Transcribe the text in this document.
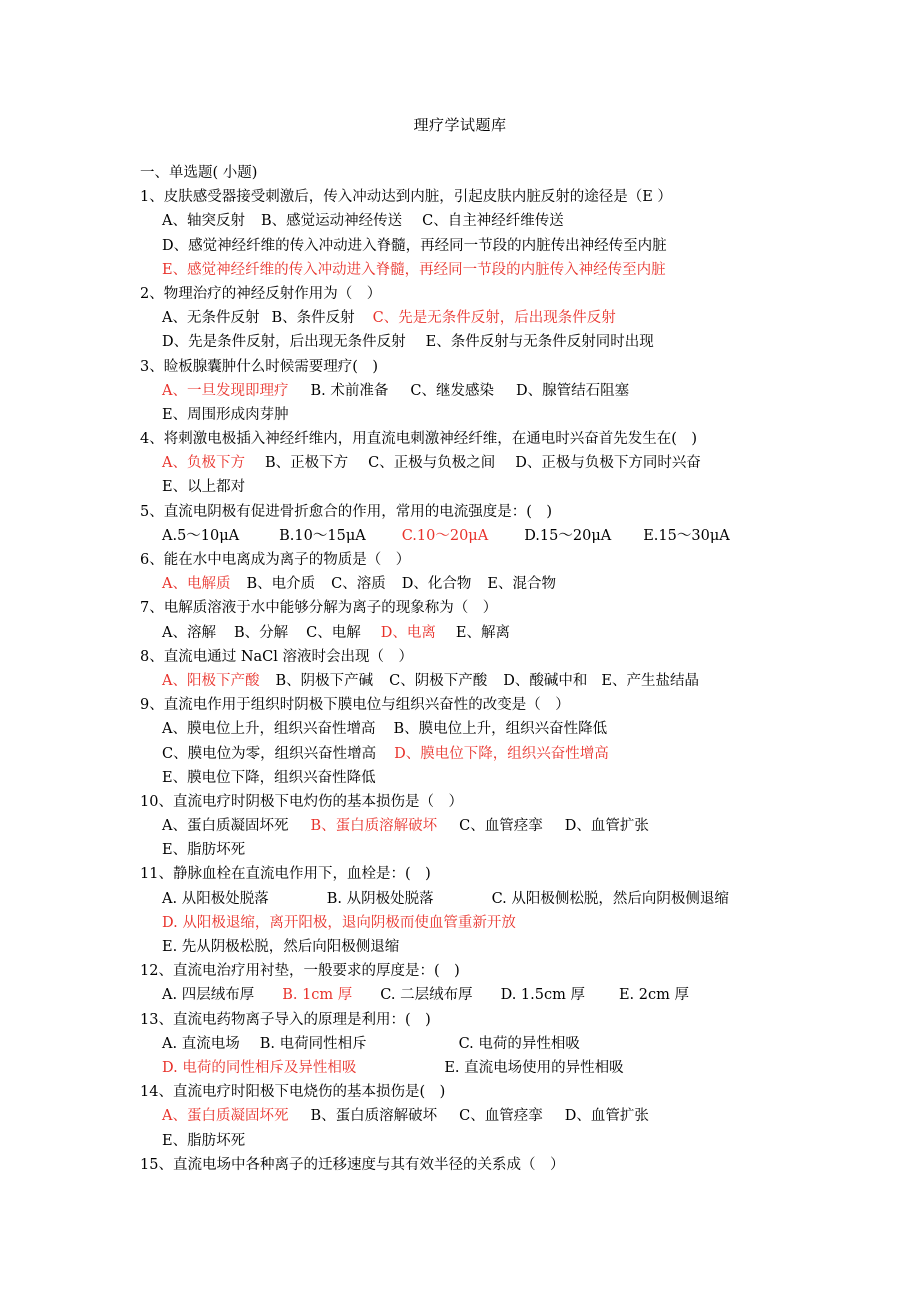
理疗学试题库
一、单选题( 小题)
1、皮肤感受器接受刺激后，传入冲动达到内脏，引起皮肤内脏反射的途径是（E ）
A、轴突反射 B、感觉运动神经传送 C、自主神经纤维传送
D、感觉神经纤维的传入冲动进入脊髓，再经同一节段的内脏传出神经传至内脏
E、感觉神经纤维的传入冲动进入脊髓，再经同一节段的内脏传入神经传至内脏
2、物理治疗的神经反射作用为（　）
A、无条件反射 B、条件反射 C、先是无条件反射，后出现条件反射
D、先是条件反射，后出现无条件反射 E、条件反射与无条件反射同时出现
3、睑板腺囊肿什么时候需要理疗(　)
A、一旦发现即理疗 B. 术前准备 C、继发感染 D、腺管结石阻塞
E、周围形成肉芽肿
4、将刺激电极插入神经纤维内，用直流电刺激神经纤维，在通电时兴奋首先发生在(　)
A、负极下方 B、正极下方 C、正极与负极之间 D、正极与负极下方同时兴奋
E、以上都对
5、直流电阴极有促进骨折愈合的作用，常用的电流强度是：(　)
A.5～10μA	B.10～15μA C.10～20μA D.15～20μA E.15～30μA
6、能在水中电离成为离子的物质是（　）
A、电解质 B、电介质 C、溶质 D、化合物 E、混合物
7、电解质溶液于水中能够分解为离子的现象称为（　）
A、溶解 B、分解 C、电解 D、电离 E、解离
8、直流电通过 NaCl 溶液时会出现（　）
A、阳极下产酸 B、阴极下产碱 C、阴极下产酸 D、酸碱中和 E、产生盐结晶
9、直流电作用于组织时阴极下膜电位与组织兴奋性的改变是（　）
A、膜电位上升，组织兴奋性增高 B、膜电位上升，组织兴奋性降低
C、膜电位为零，组织兴奋性增高 D、膜电位下降，组织兴奋性增高
E、膜电位下降，组织兴奋性降低
10、直流电疗时阴极下电灼伤的基本损伤是（　）
A、蛋白质凝固坏死 B、蛋白质溶解破坏 C、血管痉挛 D、血管扩张
E、脂肪坏死
11、静脉血栓在直流电作用下，血栓是：(　)
A. 从阳极处脱落	B. 从阴极处脱落	C. 从阳极侧松脱，然后向阴极侧退缩
D. 从阳极退缩，离开阳极，退向阴极而使血管重新开放
E. 先从阴极松脱，然后向阳极侧退缩
12、直流电治疗用衬垫，一般要求的厚度是：(　)
A. 四层绒布厚 B. 1cm 厚 C. 二层绒布厚 D. 1.5cm 厚 E. 2cm 厚
13、直流电药物离子导入的原理是利用：(　)
A. 直流电场 B. 电荷同性相斥	C. 电荷的异性相吸
D. 电荷的同性相斥及异性相吸	E. 直流电场使用的异性相吸
14、直流电疗时阳极下电烧伤的基本损伤是(　)
A、蛋白质凝固坏死 B、蛋白质溶解破坏 C、血管痉挛 D、血管扩张
E、脂肪坏死
15、直流电场中各种离子的迁移速度与其有效半径的关系成（　）
